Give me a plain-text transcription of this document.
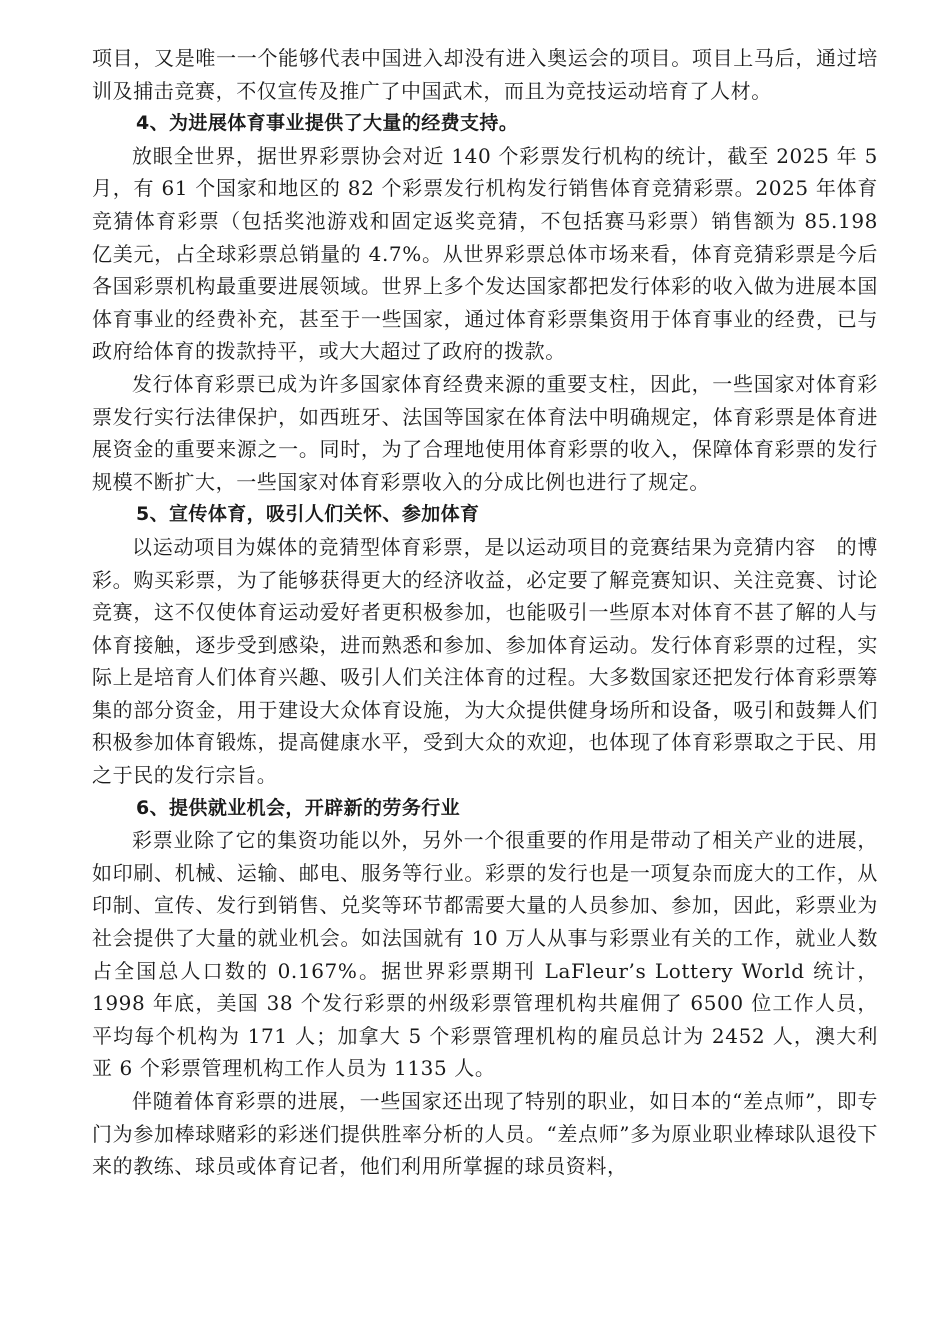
项目，又是唯一一个能够代表中国进入却没有进入奥运会的项目。项目上马后，通过培训及捕击竞赛，不仅宣传及推广了中国武术，而且为竞技运动培育了人材。

4、为进展体育事业提供了大量的经费支持。

放眼全世界，据世界彩票协会对近 140 个彩票发行机构的统计，截至 2025 年 5 月，有 61 个国家和地区的 82 个彩票发行机构发行销售体育竞猜彩票。2025 年体育竞猜体育彩票（包括奖池游戏和固定返奖竞猜，不包括赛马彩票）销售额为 85.198 亿美元，占全球彩票总销量的 4.7%。从世界彩票总体市场来看，体育竞猜彩票是今后各国彩票机构最重要进展领域。世界上多个发达国家都把发行体彩的收入做为进展本国体育事业的经费补充，甚至于一些国家，通过体育彩票集资用于体育事业的经费，已与政府给体育的拨款持平，或大大超过了政府的拨款。

发行体育彩票已成为许多国家体育经费来源的重要支柱，因此，一些国家对体育彩票发行实行法律保护，如西班牙、法国等国家在体育法中明确规定，体育彩票是体育进展资金的重要来源之一。同时，为了合理地使用体育彩票的收入，保障体育彩票的发行规模不断扩大，一些国家对体育彩票收入的分成比例也进行了规定。

5、宣传体育，吸引人们关怀、参加体育

以运动项目为媒体的竞猜型体育彩票，是以运动项目的竞赛结果为竞猜内容　的博彩。购买彩票，为了能够获得更大的经济收益，必定要了解竞赛知识、关注竞赛、讨论竞赛，这不仅使体育运动爱好者更积极参加，也能吸引一些原本对体育不甚了解的人与体育接触，逐步受到感染，进而熟悉和参加、参加体育运动。发行体育彩票的过程，实际上是培育人们体育兴趣、吸引人们关注体育的过程。大多数国家还把发行体育彩票筹集的部分资金，用于建设大众体育设施，为大众提供健身场所和设备，吸引和鼓舞人们积极参加体育锻炼，提高健康水平，受到大众的欢迎，也体现了体育彩票取之于民、用之于民的发行宗旨。

6、提供就业机会，开辟新的劳务行业

彩票业除了它的集资功能以外，另外一个很重要的作用是带动了相关产业的进展，如印刷、机械、运输、邮电、服务等行业。彩票的发行也是一项复杂而庞大的工作，从印制、宣传、发行到销售、兑奖等环节都需要大量的人员参加、参加，因此，彩票业为社会提供了大量的就业机会。如法国就有 10 万人从事与彩票业有关的工作，就业人数占全国总人口数的 0.167%。据世界彩票期刊 LaFleur’s Lottery World 统计，1998 年底，美国 38 个发行彩票的州级彩票管理机构共雇佣了 6500 位工作人员，平均每个机构为 171 人；加拿大 5 个彩票管理机构的雇员总计为 2452 人，澳大利亚 6 个彩票管理机构工作人员为 1135 人。

伴随着体育彩票的进展，一些国家还出现了特别的职业，如日本的“差点师”，即专门为参加棒球赌彩的彩迷们提供胜率分析的人员。“差点师”多为原业职业棒球队退役下来的教练、球员或体育记者，他们利用所掌握的球员资料，
